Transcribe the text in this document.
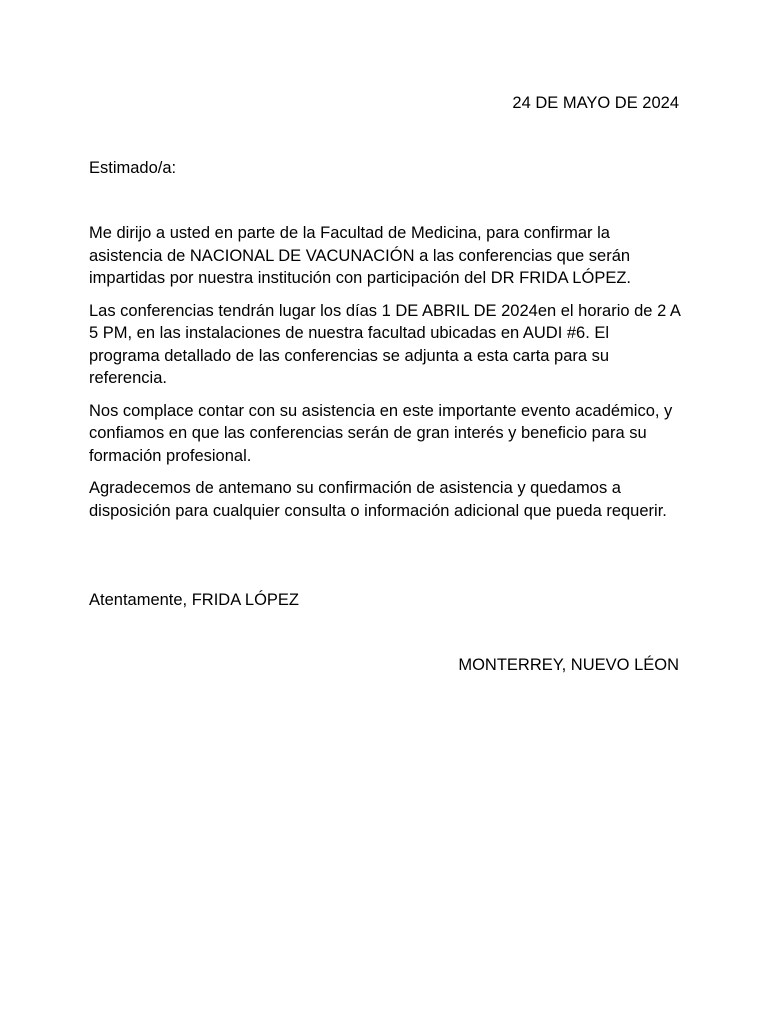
24 DE MAYO DE 2024
Estimado/a:

Me dirijo a usted en parte de la Facultad de Medicina, para confirmar la asistencia de NACIONAL DE VACUNACIÓN a las conferencias que serán impartidas por nuestra institución con participación del DR FRIDA LÓPEZ.

Las conferencias tendrán lugar los días 1 DE ABRIL DE 2024en el horario de 2 A 5 PM, en las instalaciones de nuestra facultad ubicadas en AUDI #6. El programa detallado de las conferencias se adjunta a esta carta para su referencia.

Nos complace contar con su asistencia en este importante evento académico, y confiamos en que las conferencias serán de gran interés y beneficio para su formación profesional.

Agradecemos de antemano su confirmación de asistencia y quedamos a disposición para cualquier consulta o información adicional que pueda requerir.

Atentamente, FRIDA LÓPEZ
MONTERREY, NUEVO LÉON
